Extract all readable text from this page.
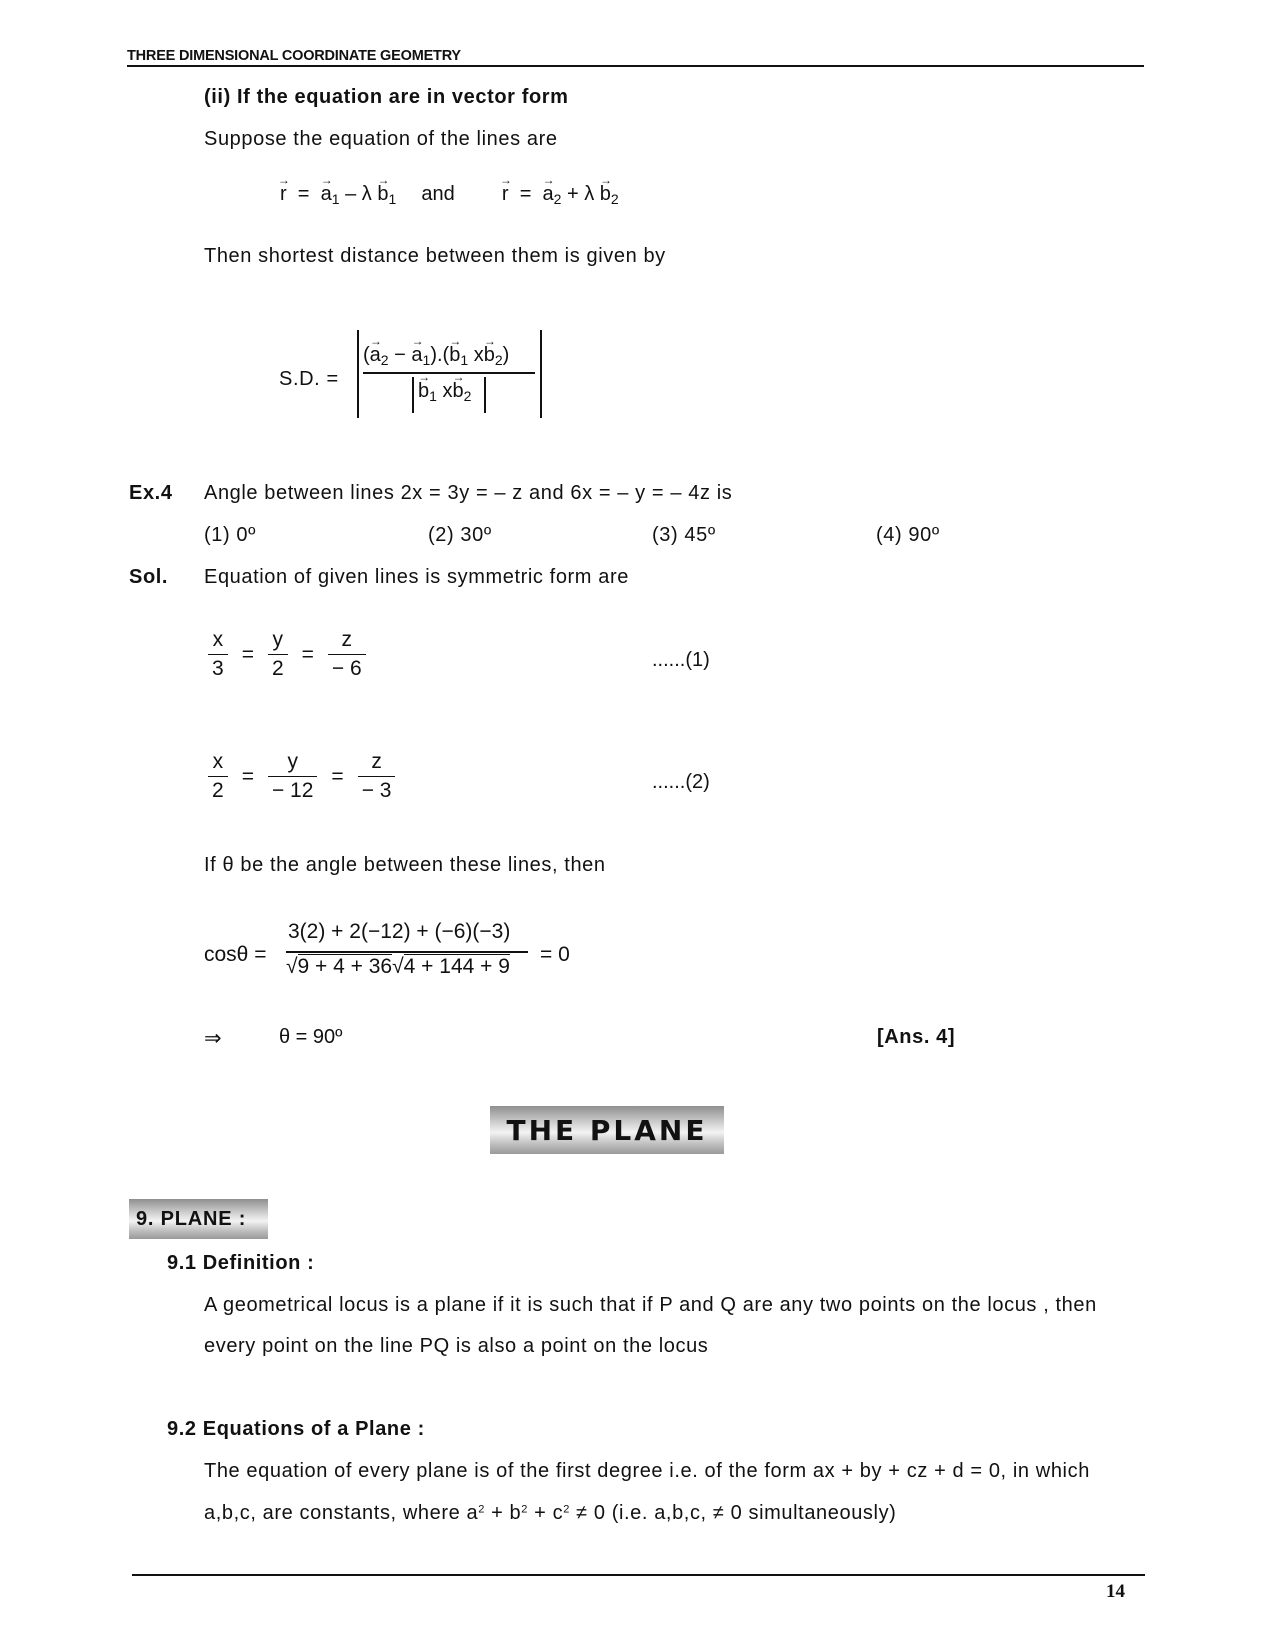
THREE DIMENSIONAL COORDINATE GEOMETRY
(ii) If the equation are in vector form
Suppose the equation of the lines are
→ r = → $a_1 - \lambda \to b_1$ and → r = → $a_2 + \lambda \to b_2$
Then shortest distance between them is given by
S.D. =
(→ $a_2$ − → $a_1).(\to b_1$ $x\to b_2$)
→ $b_1$ $x\to b_2$
Ex.4 Angle between lines 2x = 3y = – z and 6x = – y = – 4z is
(1) 0º	(2) 30º	(3) 45º	(4) 90º
Sol. Equation of given lines is symmetric form are
$\frac{x}{3} = \frac{y}{2} = \frac{z}{- 6}$	......(1)
$\frac{x}{2} = \frac{y}{- 12} = \frac{z}{- 3}$	......(2)
If θ be the angle between these lines, then
cosθ =
3(2) + 2(−12) + (−6)(−3)
√9 + 4 + 36√4 + 144 + 9
= 0
⇒	θ = 90º	[Ans. 4]
THE PLANE
9. PLANE :
9.1 Definition :
A geometrical locus is a plane if it is such that if P and Q are any two points on the locus , then
every point on the line PQ is also a point on the locus
9.2 Equations of a Plane :
The equation of every plane is of the first degree i.e. of the form ax + by + cz + d = 0, in which
a,b,c, are constants, where $a^2 + b^2 + c^2 \ne 0$ (i.e. a,b,c, ≠ 0 simultaneously)
14
